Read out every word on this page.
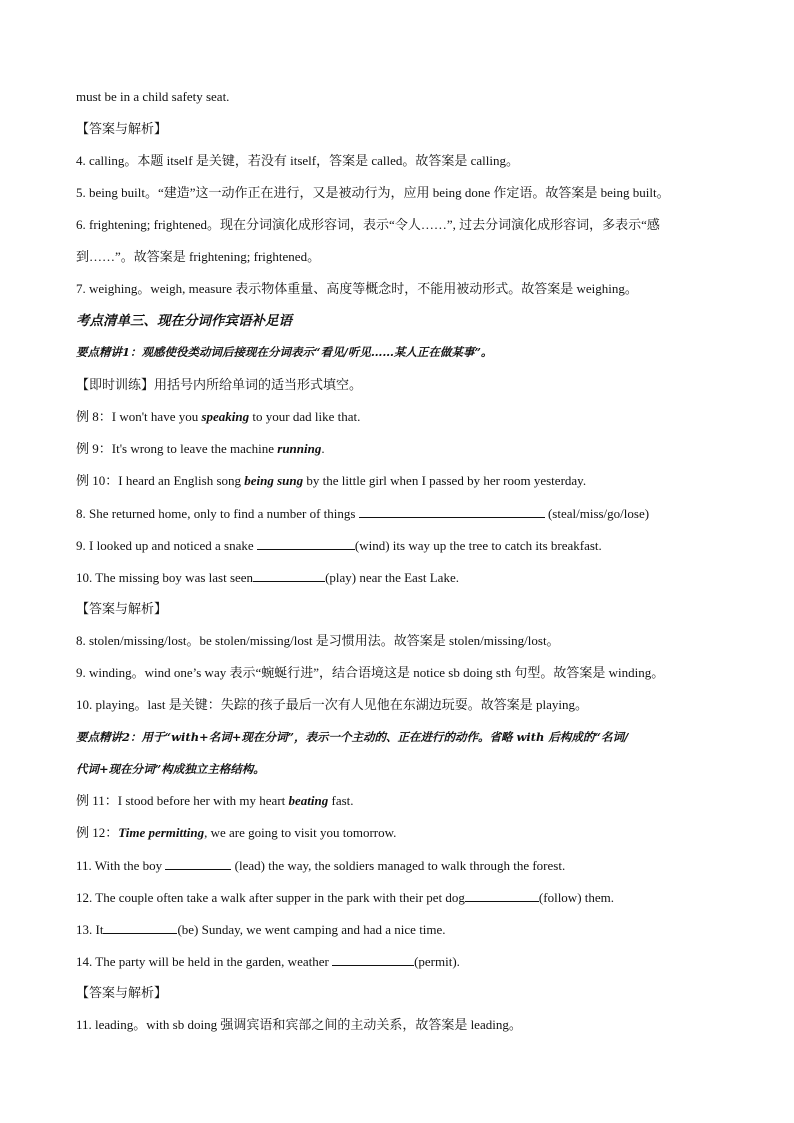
must be in a child safety seat.
【答案与解析】
4. calling。本题 itself 是关键，若没有 itself，答案是 called。故答案是 calling。
5. being built。“建造”这一动作正在进行，又是被动行为，应用 being done 作定语。故答案是 being built。
6. frightening; frightened。现在分词演化成形容词，表示“令人……”, 过去分词演化成形容词，多表示“感
到……”。故答案是 frightening; frightened。
7. weighing。weigh, measure 表示物体重量、高度等概念时，不能用被动形式。故答案是 weighing。
考点清单三、现在分词作宾语补足语
要点精讲1：观感使役类动词后接现在分词表示“看见/听见……某人正在做某事”。
【即时训练】用括号内所给单词的适当形式填空。
例 8：I won't have you speaking to your dad like that.
例 9：It's wrong to leave the machine running.
例 10：I heard an English song being sung by the little girl when I passed by her room yesterday.
8. She returned home, only to find a number of things	(steal/miss/go/lose)
9. I looked up and noticed a snake	(wind) its way up the tree to catch its breakfast.
10. The missing boy was last seen	(play) near the East Lake.
【答案与解析】
8. stolen/missing/lost。be stolen/missing/lost 是习惯用法。故答案是 stolen/missing/lost。
9. winding。wind one’s way 表示“蜿蜒行进”，结合语境这是 notice sb doing sth 句型。故答案是 winding。
10. playing。last 是关键：失踪的孩子最后一次有人见他在东湖边玩耍。故答案是 playing。
要点精讲2：用于“with+名词+现在分词”，表示一个主动的、正在进行的动作。省略 with 后构成的“名词/
代词+现在分词”构成独立主格结构。
例 11：I stood before her with my heart beating fast.
例 12：Time permitting, we are going to visit you tomorrow.
11. With the boy	(lead) the way, the soldiers managed to walk through the forest.
12. The couple often take a walk after supper in the park with their pet dog	(follow) them.
13. It	(be) Sunday, we went camping and had a nice time.
14. The party will be held in the garden, weather	(permit).
【答案与解析】
11. leading。with sb doing 强调宾语和宾部之间的主动关系，故答案是 leading。
